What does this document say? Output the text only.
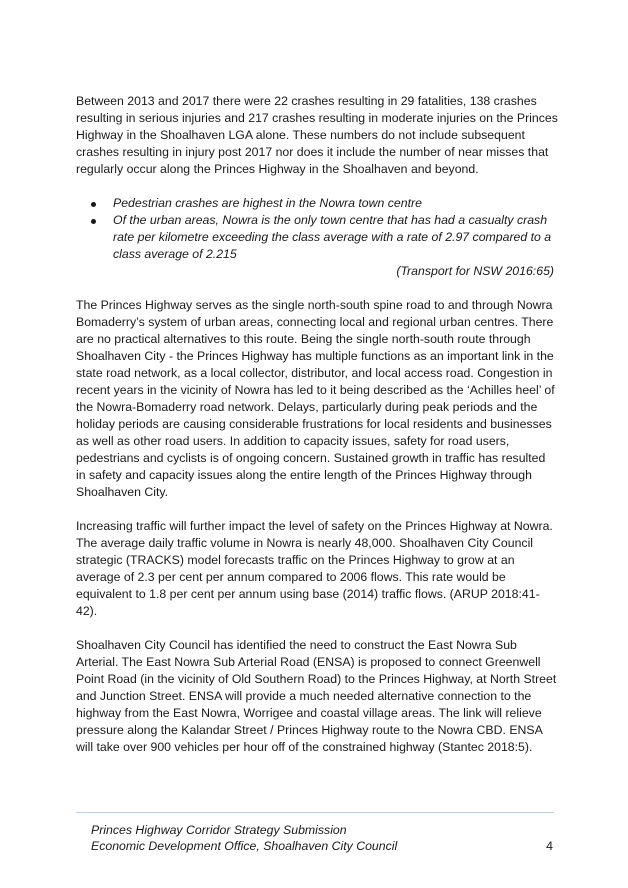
Between 2013 and 2017 there were 22 crashes resulting in 29 fatalities, 138 crashes resulting in serious injuries and 217 crashes resulting in moderate injuries on the Princes Highway in the Shoalhaven LGA alone. These numbers do not include subsequent crashes resulting in injury post 2017 nor does it include the number of near misses that regularly occur along the Princes Highway in the Shoalhaven and beyond.

Pedestrian crashes are highest in the Nowra town centre
Of the urban areas, Nowra is the only town centre that has had a casualty crash rate per kilometre exceeding the class average with a rate of 2.97 compared to a class average of 2.215
(Transport for NSW 2016:65)

The Princes Highway serves as the single north-south spine road to and through Nowra Bomaderry’s system of urban areas, connecting local and regional urban centres. There are no practical alternatives to this route. Being the single north-south route through Shoalhaven City - the Princes Highway has multiple functions as an important link in the state road network, as a local collector, distributor, and local access road. Congestion in recent years in the vicinity of Nowra has led to it being described as the ‘Achilles heel’ of the Nowra-Bomaderry road network. Delays, particularly during peak periods and the holiday periods are causing considerable frustrations for local residents and businesses as well as other road users. In addition to capacity issues, safety for road users, pedestrians and cyclists is of ongoing concern. Sustained growth in traffic has resulted in safety and capacity issues along the entire length of the Princes Highway through Shoalhaven City.

Increasing traffic will further impact the level of safety on the Princes Highway at Nowra. The average daily traffic volume in Nowra is nearly 48,000. Shoalhaven City Council strategic (TRACKS) model forecasts traffic on the Princes Highway to grow at an average of 2.3 per cent per annum compared to 2006 flows. This rate would be equivalent to 1.8 per cent per annum using base (2014) traffic flows. (ARUP 2018:41-42).

Shoalhaven City Council has identified the need to construct the East Nowra Sub Arterial. The East Nowra Sub Arterial Road (ENSA) is proposed to connect Greenwell Point Road (in the vicinity of Old Southern Road) to the Princes Highway, at North Street and Junction Street. ENSA will provide a much needed alternative connection to the highway from the East Nowra, Worrigee and coastal village areas. The link will relieve pressure along the Kalandar Street / Princes Highway route to the Nowra CBD. ENSA will take over 900 vehicles per hour off of the constrained highway (Stantec 2018:5).

Princes Highway Corridor Strategy Submission
Economic Development Office, Shoalhaven City Council	4
